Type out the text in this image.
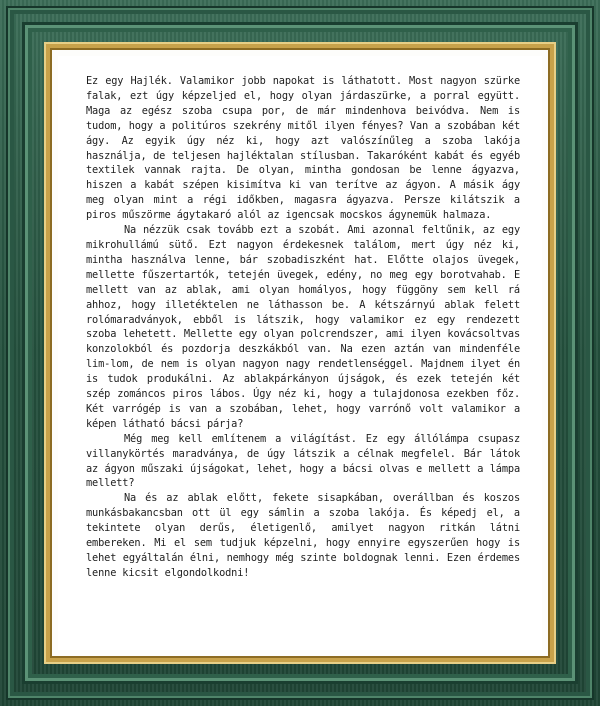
Ez egy Hajlék. Valamikor jobb napokat is láthatott. Most nagyon szürke falak, ezt úgy képzeljed el, hogy olyan járdaszürke, a porral együtt. Maga az egész szoba csupa por, de már mindenhova beivódva. Nem is tudom, hogy a politúros szekrény mitől ilyen fényes? Van a szobában két ágy. Az egyik úgy néz ki, hogy azt valószínűleg a szoba lakója használja, de teljesen hajléktalan stílusban. Takaróként kabát és egyéb textilek vannak rajta. De olyan, mintha gondosan be lenne ágyazva, hiszen a kabát szépen kisimítva ki van terítve az ágyon. A másik ágy meg olyan mint a régi időkben, magasra ágyazva. Persze kilátszik a piros műszörme ágytakaró alól az igencsak mocskos ágynemük halmaza.

Na nézzük csak tovább ezt a szobát. Ami azonnal feltűnik, az egy mikrohullámú sütő. Ezt nagyon érdekesnek találom, mert úgy néz ki, mintha használva lenne, bár szobadiszként hat. Előtte olajos üvegek, mellette fűszertartók, tetején üvegek, edény, no meg egy borotvahab. E mellett van az ablak, ami olyan homályos, hogy függöny sem kell rá ahhoz, hogy illetéktelen ne láthasson be. A kétszárnyú ablak felett rolómaradványok, ebből is látszik, hogy valamikor ez egy rendezett szoba lehetett. Mellette egy olyan polcrendszer, ami ilyen kovácsoltvas konzolokból és pozdorja deszkákból van. Na ezen aztán van mindenféle lim-lom, de nem is olyan nagyon nagy rendetlenséggel. Majdnem ilyet én is tudok produkálni. Az ablakpárkányon újságok, és ezek tetején két szép zománcos piros lábos. Úgy néz ki, hogy a tulajdonosa ezekben főz. Két varrógép is van a szobában, lehet, hogy varrónő volt valamikor a képen látható bácsi párja?

Még meg kell említenem a világítást. Ez egy állólámpa csupasz villanykörtés maradványa, de úgy látszik a célnak megfelel. Bár látok az ágyon műszaki újságokat, lehet, hogy a bácsi olvas e mellett a lámpa mellett?

Na és az ablak előtt, fekete sisapkában, overállban és koszos munkásbakancsban ott ül egy sámlin a szoba lakója. És képedj el, a tekintete olyan derűs, életigenlő, amilyet nagyon ritkán látni embereken. Mi el sem tudjuk képzelni, hogy ennyire egyszerűen hogy is lehet egyáltalán élni, nemhogy még szinte boldognak lenni. Ezen érdemes lenne kicsit elgondolkodni!
